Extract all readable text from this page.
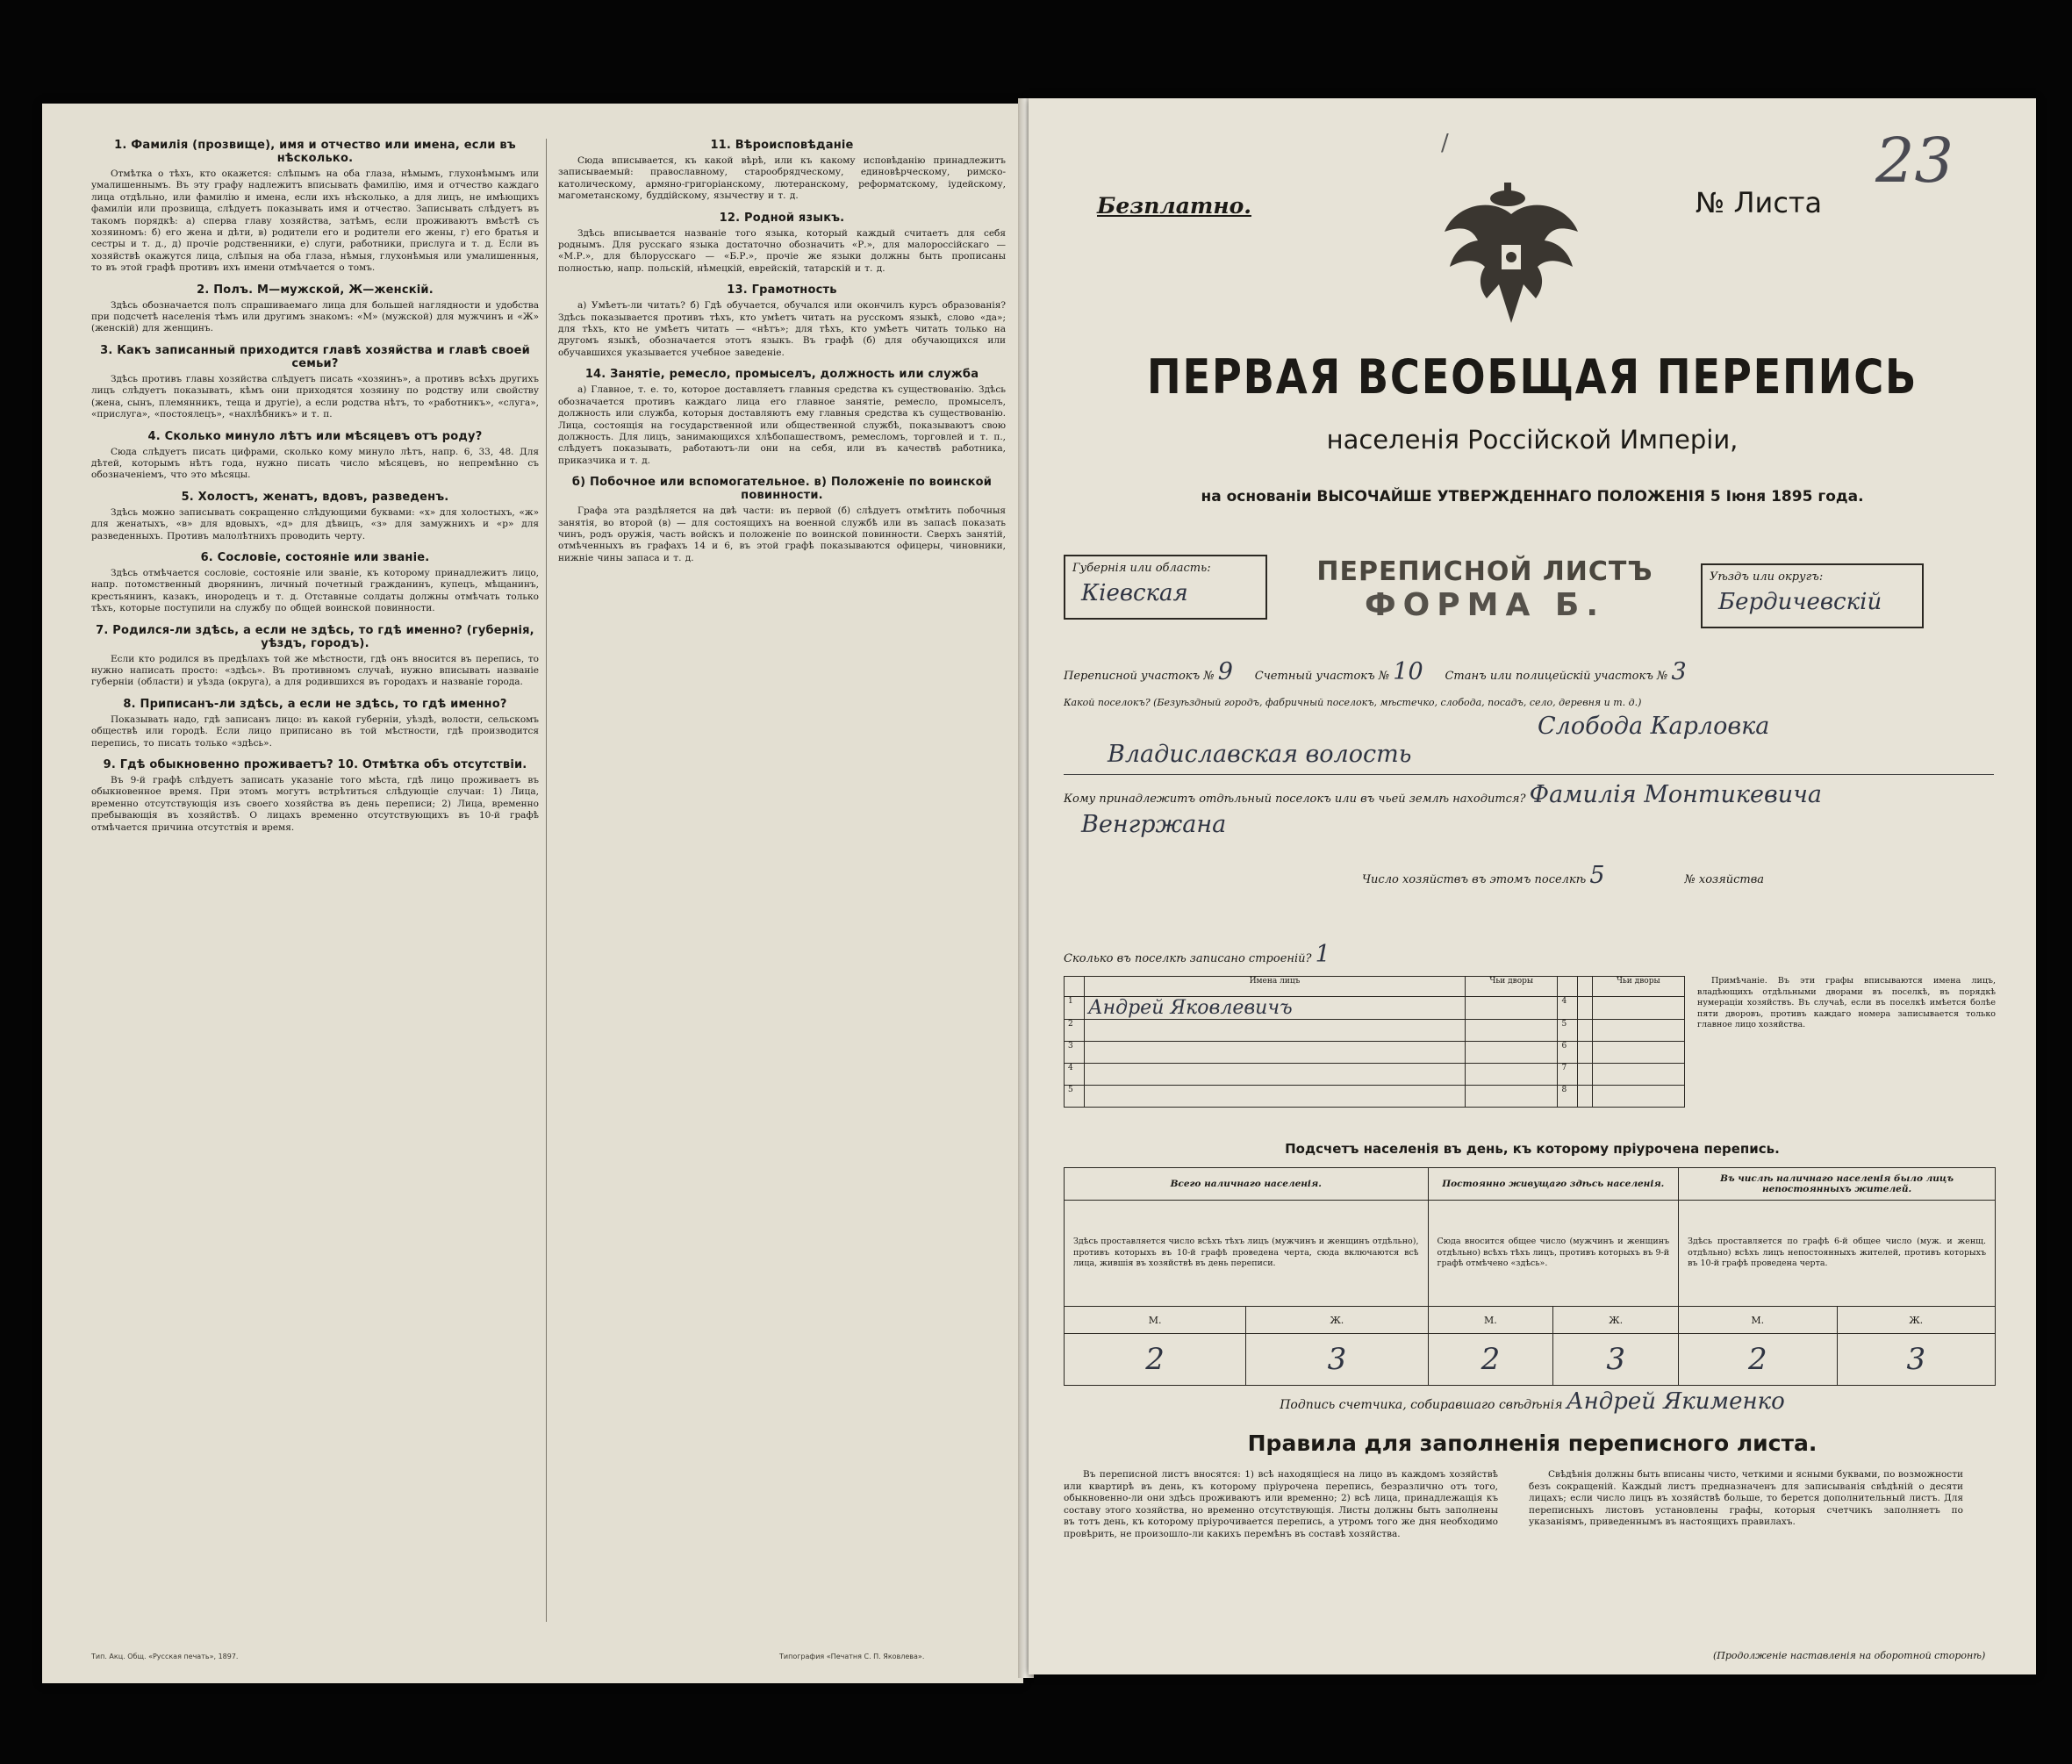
1. Фамилія (прозвище), имя и отчество или имена, если въ нѣсколько.
Отмѣтка о тѣхъ, кто окажется: слѣпымъ на оба глаза, нѣмымъ, глухонѣмымъ или умалишеннымъ. Въ эту графу надлежитъ вписывать фамилію, имя и отчество каждаго лица отдѣльно, или фамилію и имена, если ихъ нѣсколько, а для лицъ, не имѣющихъ фамиліи или прозвища, слѣдуетъ показывать имя и отчество. Записывать слѣдуетъ въ такомъ порядкѣ: а) сперва главу хозяйства, затѣмъ, если проживаютъ вмѣстѣ съ хозяиномъ: б) его жена и дѣти, в) родители его и родители его жены, г) его братья и сестры и т. д., д) прочіе родственники, е) слуги, работники, прислуга и т. д. Если въ хозяйствѣ окажутся лица, слѣпыя на оба глаза, нѣмыя, глухонѣмыя или умалишенныя, то въ этой графѣ противъ ихъ имени отмѣчается о томъ.
2. Полъ. М—мужской, Ж—женскій.
Здѣсь обозначается полъ спрашиваемаго лица для большей наглядности и удобства при подсчетѣ населенія тѣмъ или другимъ знакомъ: «М» (мужской) для мужчинъ и «Ж» (женскій) для женщинъ.
3. Какъ записанный приходится главѣ хозяйства и главѣ своей семьи?
Здѣсь противъ главы хозяйства слѣдуетъ писать «хозяинъ», а противъ всѣхъ другихъ лицъ слѣдуетъ показывать, кѣмъ они приходятся хозяину по родству или свойству (жена, сынъ, племянникъ, теща и другіе), а если родства нѣтъ, то «работникъ», «слуга», «прислуга», «постоялецъ», «нахлѣбникъ» и т. п.
4. Сколько минуло лѣтъ или мѣсяцевъ отъ роду?
Сюда слѣдуетъ писать цифрами, сколько кому минуло лѣтъ, напр. 6, 33, 48. Для дѣтей, которымъ нѣтъ года, нужно писать число мѣсяцевъ, но непремѣнно съ обозначеніемъ, что это мѣсяцы.
5. Холостъ, женатъ, вдовъ, разведенъ.
Здѣсь можно записывать сокращенно слѣдующими буквами: «х» для холостыхъ, «ж» для женатыхъ, «в» для вдовыхъ, «д» для дѣвицъ, «з» для замужнихъ и «р» для разведенныхъ. Противъ малолѣтнихъ проводить черту.
6. Сословіе, состояніе или званіе.
Здѣсь отмѣчается сословіе, состояніе или званіе, къ которому принадлежитъ лицо, напр. потомственный дворянинъ, личный почетный гражданинъ, купецъ, мѣщанинъ, крестьянинъ, казакъ, инородецъ и т. д. Отставные солдаты должны отмѣчать только тѣхъ, которые поступили на службу по общей воинской повинности.
7. Родился-ли здѣсь, а если не здѣсь, то гдѣ именно? (губернія, уѣздъ, городъ).
Если кто родился въ предѣлахъ той же мѣстности, гдѣ онъ вносится въ перепись, то нужно написать просто: «здѣсь». Въ противномъ случаѣ, нужно вписывать названіе губерніи (области) и уѣзда (округа), а для родившихся въ городахъ и названіе города.
8. Приписанъ-ли здѣсь, а если не здѣсь, то гдѣ именно?
Показывать надо, гдѣ записанъ лицо: въ какой губерніи, уѣздѣ, волости, сельскомъ обществѣ или городѣ. Если лицо приписано въ той мѣстности, гдѣ производится перепись, то писать только «здѣсь».
9. Гдѣ обыкновенно проживаетъ? 10. Отмѣтка объ отсутствіи.
Въ 9-й графѣ слѣдуетъ записать указаніе того мѣста, гдѣ лицо проживаетъ въ обыкновенное время. При этомъ могутъ встрѣтиться слѣдующіе случаи: 1) Лица, временно отсутствующія изъ своего хозяйства въ день переписи; 2) Лица, временно пребывающія въ хозяйствѣ. О лицахъ временно отсутствующихъ въ 10-й графѣ отмѣчается причина отсутствія и время.
11. Вѣроисповѣданіе
Сюда вписывается, къ какой вѣрѣ, или къ какому исповѣданію принадлежитъ записываемый: православному, старообрядческому, единовѣрческому, римско-католическому, армяно-григоріанскому, лютеранскому, реформатскому, іудейскому, магометанскому, буддійскому, язычеству и т. д.
12. Родной языкъ.
Здѣсь вписывается названіе того языка, который каждый считаетъ для себя роднымъ. Для русскаго языка достаточно обозначить «Р.», для малороссійскаго — «М.Р.», для бѣлорусскаго — «Б.Р.», прочіе же языки должны быть прописаны полностью, напр. польскій, нѣмецкій, еврейскій, татарскій и т. д.
13. Грамотность
а) Умѣетъ-ли читать? б) Гдѣ обучается, обучался или окончилъ курсъ образованія? Здѣсь показывается противъ тѣхъ, кто умѣетъ читать на русскомъ языкѣ, слово «да»; для тѣхъ, кто не умѣетъ читать — «нѣтъ»; для тѣхъ, кто умѣетъ читать только на другомъ языкѣ, обозначается этотъ языкъ. Въ графѣ (б) для обучающихся или обучавшихся указывается учебное заведеніе.
14. Занятіе, ремесло, промыселъ, должность или служба
а) Главное, т. е. то, которое доставляетъ главныя средства къ существованію. Здѣсь обозначается противъ каждаго лица его главное занятіе, ремесло, промыселъ, должность или служба, которыя доставляютъ ему главныя средства къ существованію. Лица, состоящія на государственной или общественной службѣ, показываютъ свою должность. Для лицъ, занимающихся хлѣбопашествомъ, ремесломъ, торговлей и т. п., слѣдуетъ показывать, работаютъ-ли они на себя, или въ качествѣ работника, приказчика и т. д.
б) Побочное или вспомогательное. в) Положеніе по воинской повинности.
Графа эта раздѣляется на двѣ части: въ первой (б) слѣдуетъ отмѣтить побочныя занятія, во второй (в) — для состоящихъ на военной службѣ или въ запасѣ показать чинъ, родъ оружія, часть войскъ и положеніе по воинской повинности. Сверхъ занятій, отмѣченныхъ въ графахъ 14 и 6, въ этой графѣ показываются офицеры, чиновники, нижніе чины запаса и т. д.
Тип. Акц. Общ. «Русская печать», 1897.	Типография «Печатня С. П. Яковлева».
Безплатно.
/
№ Листа
23
ПЕРВАЯ ВСЕОБЩАЯ ПЕРЕПИСЬ
населенія Россійской Имперіи,
на основаніи ВЫСОЧАЙШЕ УТВЕРЖДЕННАГО ПОЛОЖЕНІЯ 5 Іюня 1895 года.
Губернія или область:
Кіевская
ПЕРЕПИСНОЙ ЛИСТЪ
ФОРМА Б.
Уѣздъ или округъ:
Бердичевскій
Переписной участокъ № 9 Счетный участокъ № 10 Станъ или полицейскій участокъ № 3
Какой поселокъ? (Безуѣздный городъ, фабричный поселокъ, мѣстечко, слобода, посадъ, село, деревня и т. д.)
Слобода Карловка
Владиславская волость
Кому принадлежитъ отдѣльный поселокъ или въ чьей землѣ находится? Фамилія Монтикевича
Венгржана
Число хозяйствъ въ этомъ поселкѣ 5	№ хозяйства
Сколько въ поселкѣ записано строеній? 1
	Имена лицъ	Чьи дворы			Чьи дворы
1	Андрей Яковлевичъ		4		
2			5		
3			6		
4			7		
5			8		
Примѣчаніе. Въ эти графы вписываются имена лицъ, владѣющихъ отдѣльными дворами въ поселкѣ, въ порядкѣ нумераціи хозяйствъ. Въ случаѣ, если въ поселкѣ имѣется болѣе пяти дворовъ, противъ каждаго номера записывается только главное лицо хозяйства.
Подсчетъ населенія въ день, къ которому пріурочена перепись.
Всего наличнаго населенія.		Постоянно живущаго здѣсь населенія.		Въ числѣ наличнаго населенія было лицъ непостоянныхъ жителей.	
Здѣсь проставляется число всѣхъ тѣхъ лицъ (мужчинъ и женщинъ отдѣльно), противъ которыхъ въ 10-й графѣ проведена черта, сюда включаются всѣ лица, жившія въ хозяйствѣ въ день переписи.		Сюда вносится общее число (мужчинъ и женщинъ отдѣльно) всѣхъ тѣхъ лицъ, противъ которыхъ въ 9-й графѣ отмѣчено «здѣсь».		Здѣсь проставляется по графѣ 6-й общее число (муж. и женщ. отдѣльно) всѣхъ лицъ непостоянныхъ жителей, противъ которыхъ въ 10-й графѣ проведена черта.	
М.	Ж.	М.	Ж.	М.	Ж.
2	3	2	3	2	3
Подпись счетчика, собиравшаго свѣдѣнія Андрей Якименко
Правила для заполненія переписного листа.
Въ переписной листъ вносятся: 1) всѣ находящіеся на лицо въ каждомъ хозяйствѣ или квартирѣ въ день, къ которому пріурочена перепись, безразлично отъ того, обыкновенно-ли они здѣсь проживаютъ или временно; 2) всѣ лица, принадлежащія къ составу этого хозяйства, но временно отсутствующія. Листы должны быть заполнены въ тотъ день, къ которому пріурочивается перепись, а утромъ того же дня необходимо провѣрить, не произошло-ли какихъ перемѣнъ въ составѣ хозяйства.
Свѣдѣнія должны быть вписаны чисто, четкими и ясными буквами, по возможности безъ сокращеній. Каждый листъ предназначенъ для записыванія свѣдѣній о десяти лицахъ; если число лицъ въ хозяйствѣ больше, то берется дополнительный листъ. Для переписныхъ листовъ установлены графы, которыя счетчикъ заполняетъ по указаніямъ, приведеннымъ въ настоящихъ правилахъ.
(Продолженіе наставленія на оборотной сторонѣ)
